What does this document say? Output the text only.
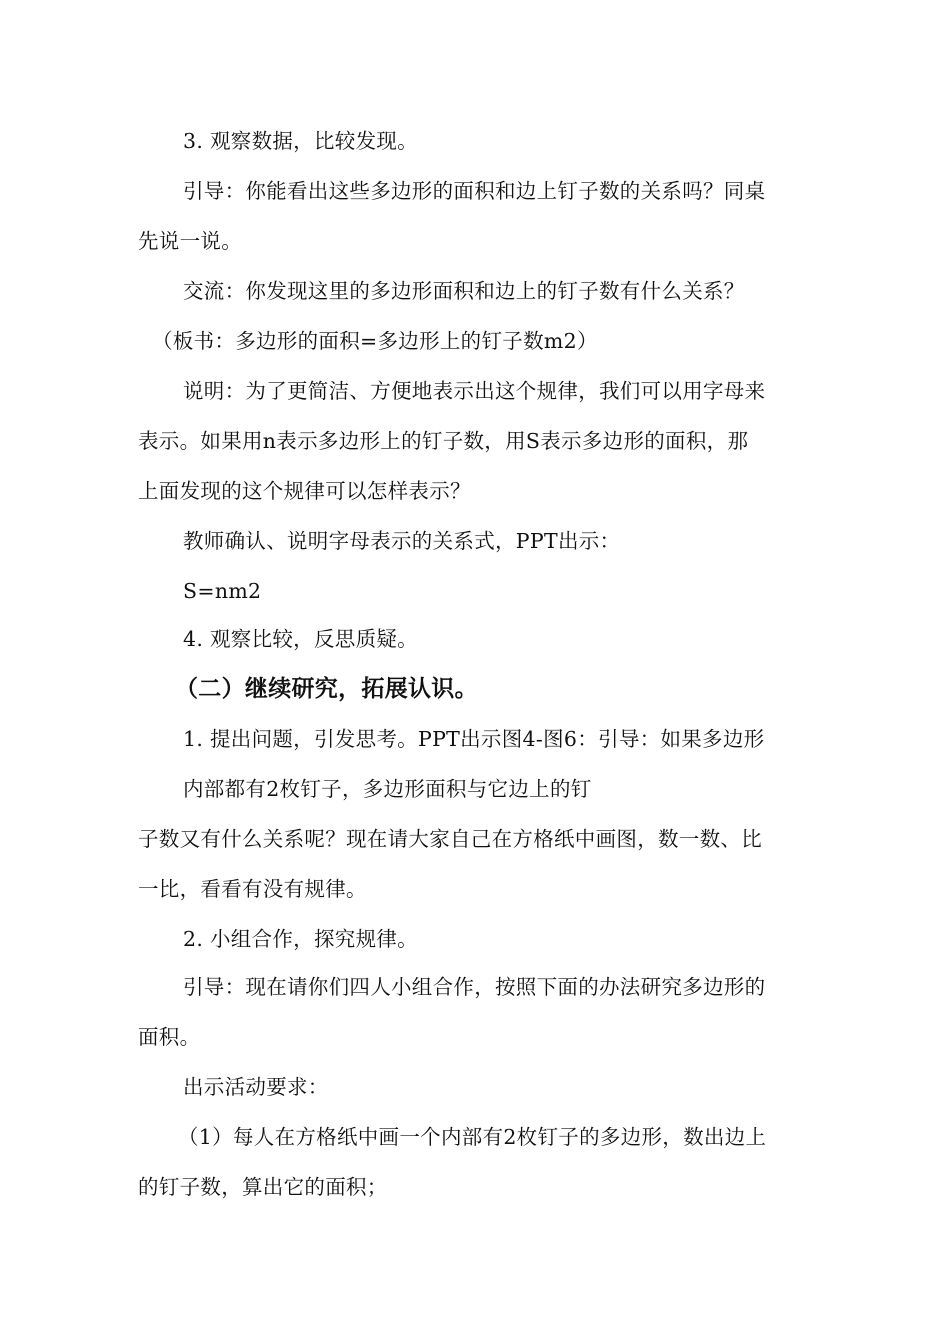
3. 观察数据，比较发现。
引导：你能看出这些多边形的面积和边上钉子数的关系吗？同桌
先说一说。
交流：你发现这里的多边形面积和边上的钉子数有什么关系？
（板书：多边形的面积=多边形上的钉子数m2）
说明：为了更简洁、方便地表示出这个规律，我们可以用字母来
表示。如果用n表示多边形上的钉子数，用S表示多边形的面积，那
上面发现的这个规律可以怎样表示？
教师确认、说明字母表示的关系式，PPT出示：
S=nm2
4. 观察比较，反思质疑。
（二）继续研究，拓展认识。
1. 提出问题，引发思考。PPT出示图4-图6：引导：如果多边形
内部都有2枚钉子，多边形面积与它边上的钉
子数又有什么关系呢？现在请大家自己在方格纸中画图，数一数、比
一比，看看有没有规律。
2. 小组合作，探究规律。
引导：现在请你们四人小组合作，按照下面的办法研究多边形的
面积。
出示活动要求：
（1）每人在方格纸中画一个内部有2枚钉子的多边形，数出边上
的钉子数，算出它的面积；
